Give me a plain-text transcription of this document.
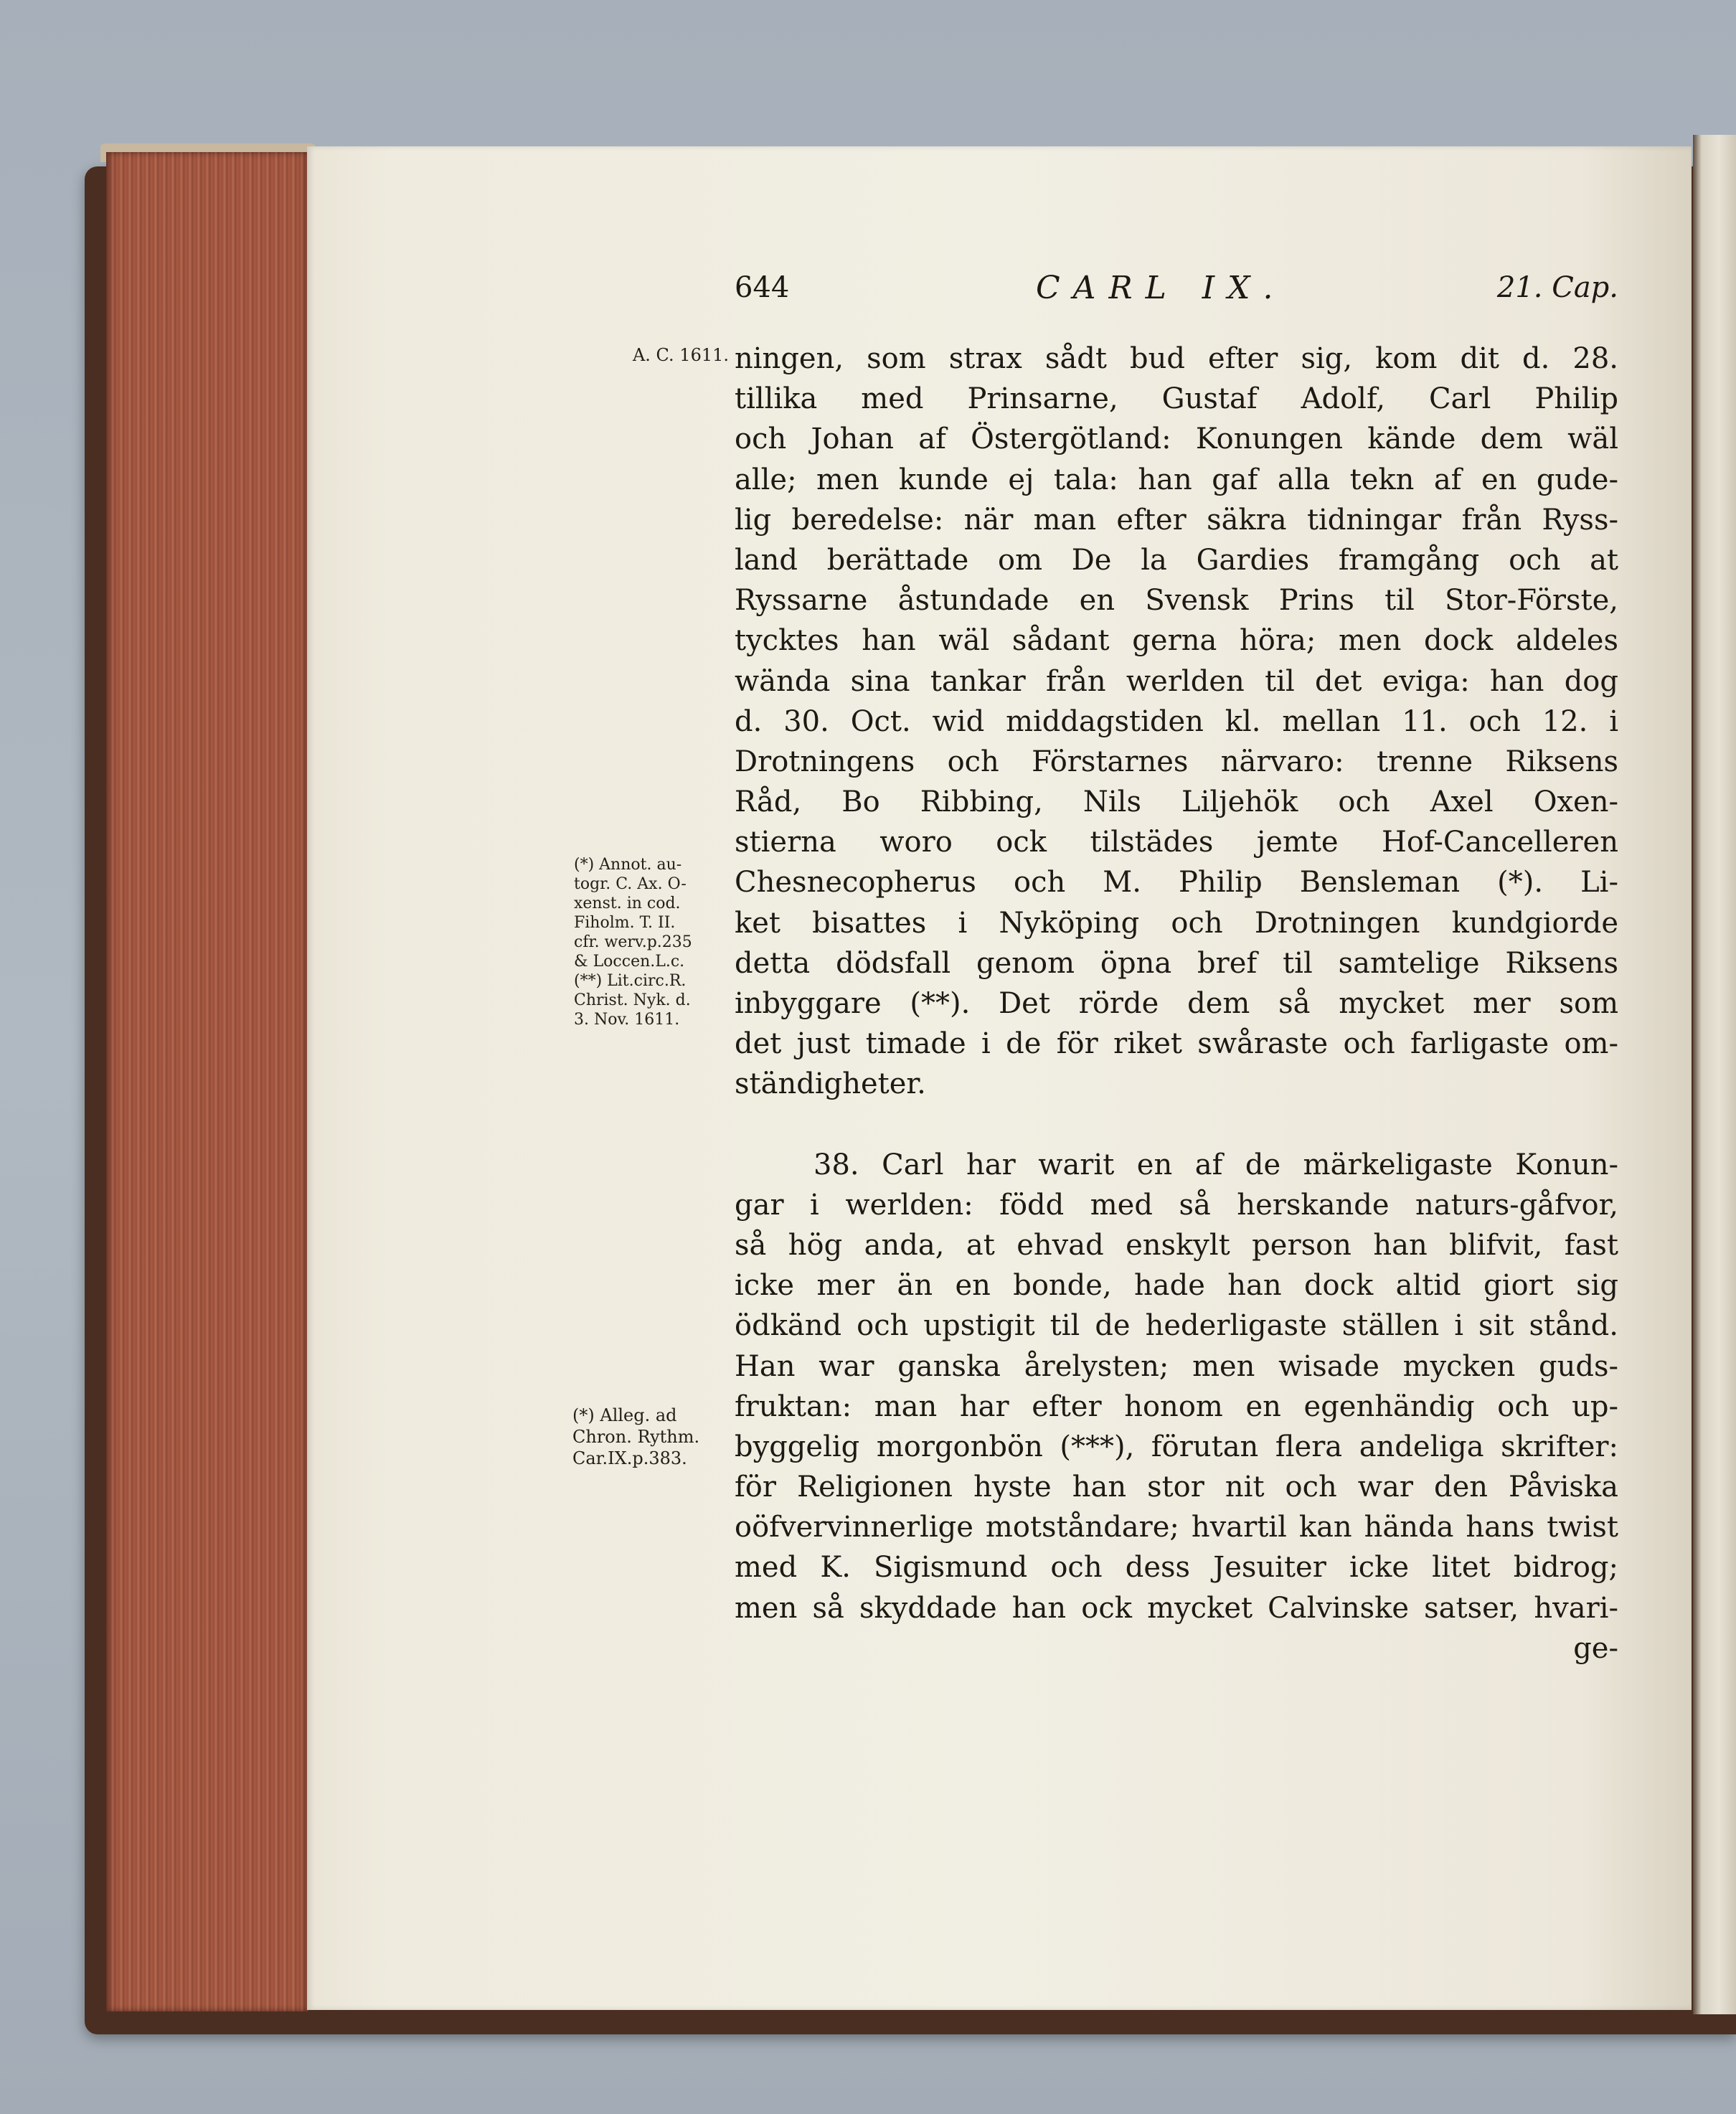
644	CARL IX.	21. Cap.
A. C. 1611.
(*) Annot. au-
togr. C. Ax. O-
xenst. in cod.
Fiholm. T. II.
cfr. werv.p.235
& Loccen.L.c.
(**) Lit.circ.R.
Christ. Nyk. d.
3. Nov. 1611.
(*) Alleg. ad
Chron. Rythm.
Car.IX.p.383.
ningen, som strax sådt bud efter sig, kom dit d. 28.
tillika med Prinsarne, Gustaf Adolf, Carl Philip
och Johan af Östergötland: Konungen kände dem wäl
alle; men kunde ej tala: han gaf alla tekn af en gude-
lig beredelse: när man efter säkra tidningar från Ryss-
land berättade om De la Gardies framgång och at
Ryssarne åstundade en Svensk Prins til Stor-Förste,
tycktes han wäl sådant gerna höra; men dock aldeles
wända sina tankar från werlden til det eviga: han dog
d. 30. Oct. wid middagstiden kl. mellan 11. och 12. i
Drotningens och Förstarnes närvaro: trenne Riksens
Råd, Bo Ribbing, Nils Liljehök och Axel Oxen-
stierna woro ock tilstädes jemte Hof-Cancelleren
Chesnecopherus och M. Philip Bensleman (*). Li-
ket bisattes i Nyköping och Drotningen kundgiorde
detta dödsfall genom öpna bref til samtelige Riksens
inbyggare (**). Det rörde dem så mycket mer som
det just timade i de för riket swåraste och farligaste om-
ständigheter.
38. Carl har warit en af de märkeligaste Konun-
gar i werlden: född med så herskande naturs-gåfvor,
så hög anda, at ehvad enskylt person han blifvit, fast
icke mer än en bonde, hade han dock altid giort sig
ödkänd och upstigit til de hederligaste ställen i sit stånd.
Han war ganska årelysten; men wisade mycken guds-
fruktan: man har efter honom en egenhändig och up-
byggelig morgonbön (***), förutan flera andeliga skrifter:
för Religionen hyste han stor nit och war den Påviska
oöfvervinnerlige motståndare; hvartil kan hända hans twist
med K. Sigismund och dess Jesuiter icke litet bidrog;
men så skyddade han ock mycket Calvinske satser, hvari-
ge-
